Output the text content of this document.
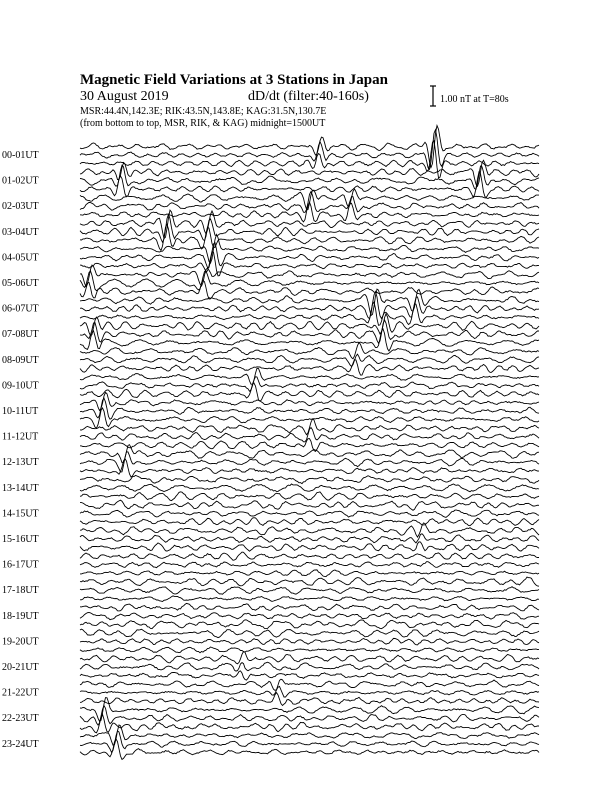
Magnetic Field Variations at 3 Stations in Japan
30 August 2019	dD/dt (filter:40-160s)
MSR:44.4N,142.3E; RIK:43.5N,143.8E; KAG:31.5N,130.7E
(from bottom to top, MSR, RIK, & KAG) midnight=1500UT
1.00 nT at T=80s
00-01UT
01-02UT
02-03UT
03-04UT
04-05UT
05-06UT
06-07UT
07-08UT
08-09UT
09-10UT
10-11UT
11-12UT
12-13UT
13-14UT
14-15UT
15-16UT
16-17UT
17-18UT
18-19UT
19-20UT
20-21UT
21-22UT
22-23UT
23-24UT
